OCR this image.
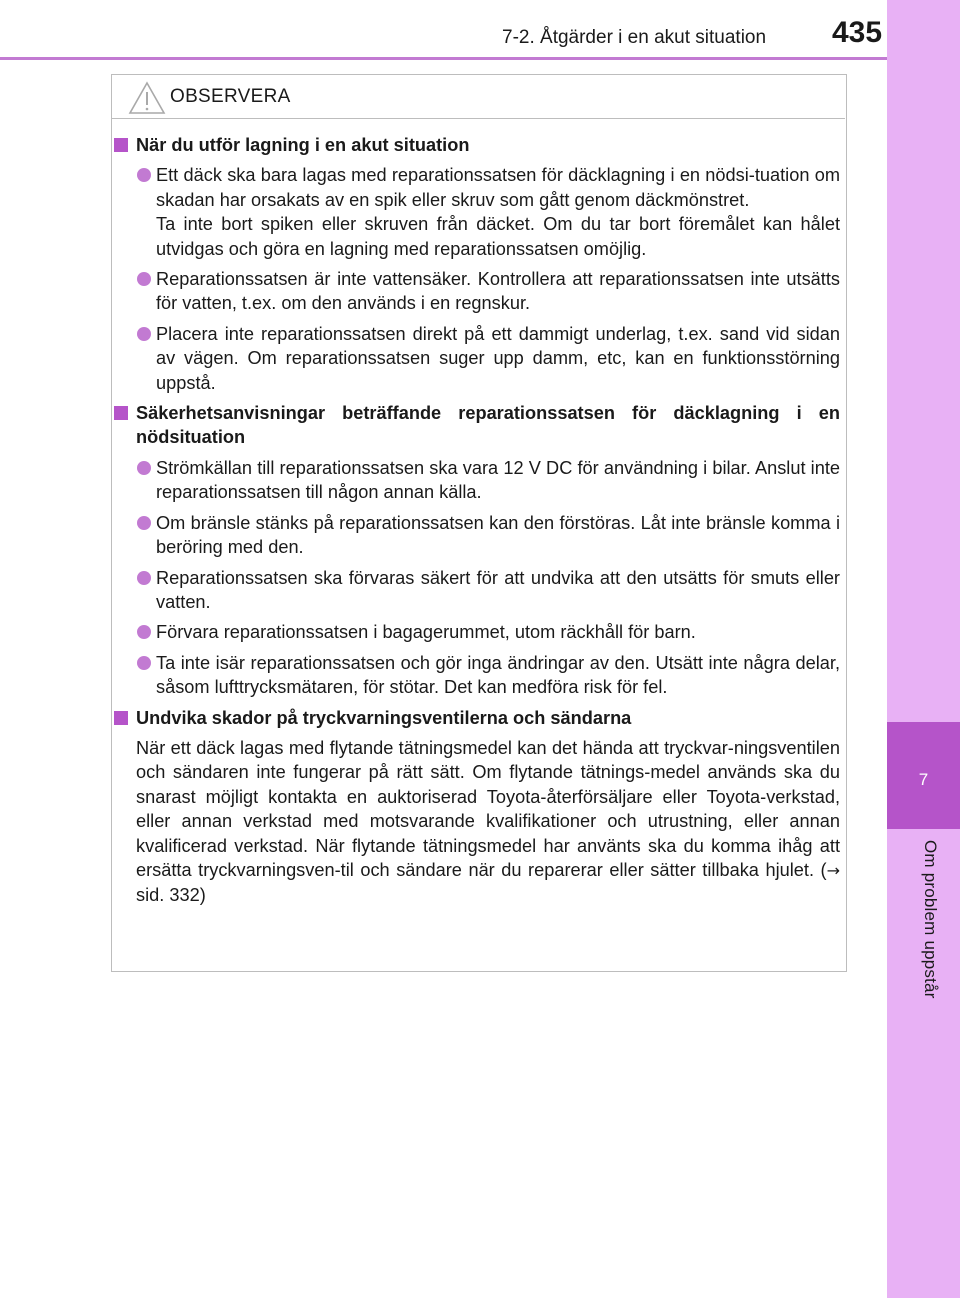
7
Om problem uppstår
7-2. Åtgärder i en akut situation 435
OBSERVERA
När du utför lagning i en akut situation

Ett däck ska bara lagas med reparationssatsen för däcklagning i en nödsi-tuation om skadan har orsakats av en spik eller skruv som gått genom däckmönstret.

Ta inte bort spiken eller skruven från däcket. Om du tar bort föremålet kan hålet utvidgas och göra en lagning med reparationssatsen omöjlig.

Reparationssatsen är inte vattensäker. Kontrollera att reparationssatsen inte utsätts för vatten, t.ex. om den används i en regnskur.

Placera inte reparationssatsen direkt på ett dammigt underlag, t.ex. sand vid sidan av vägen. Om reparationssatsen suger upp damm, etc, kan en funktionsstörning uppstå.

Säkerhetsanvisningar beträffande reparationssatsen för däcklagning i en nödsituation

Strömkällan till reparationssatsen ska vara 12 V DC för användning i bilar. Anslut inte reparationssatsen till någon annan källa.

Om bränsle stänks på reparationssatsen kan den förstöras. Låt inte bränsle komma i beröring med den.

Reparationssatsen ska förvaras säkert för att undvika att den utsätts för smuts eller vatten.

Förvara reparationssatsen i bagagerummet, utom räckhåll för barn.

Ta inte isär reparationssatsen och gör inga ändringar av den. Utsätt inte några delar, såsom lufttrycksmätaren, för stötar. Det kan medföra risk för fel.

Undvika skador på tryckvarningsventilerna och sändarna

När ett däck lagas med flytande tätningsmedel kan det hända att tryckvar-ningsventilen och sändaren inte fungerar på rätt sätt. Om flytande tätnings-medel används ska du snarast möjligt kontakta en auktoriserad Toyota-återförsäljare eller Toyota-verkstad, eller annan verkstad med motsvarande kvalifikationer och utrustning, eller annan kvalificerad verkstad. När flytande tätningsmedel har använts ska du komma ihåg att ersätta tryckvarningsven-til och sändare när du reparerar eller sätter tillbaka hjulet. (→ sid. 332)
